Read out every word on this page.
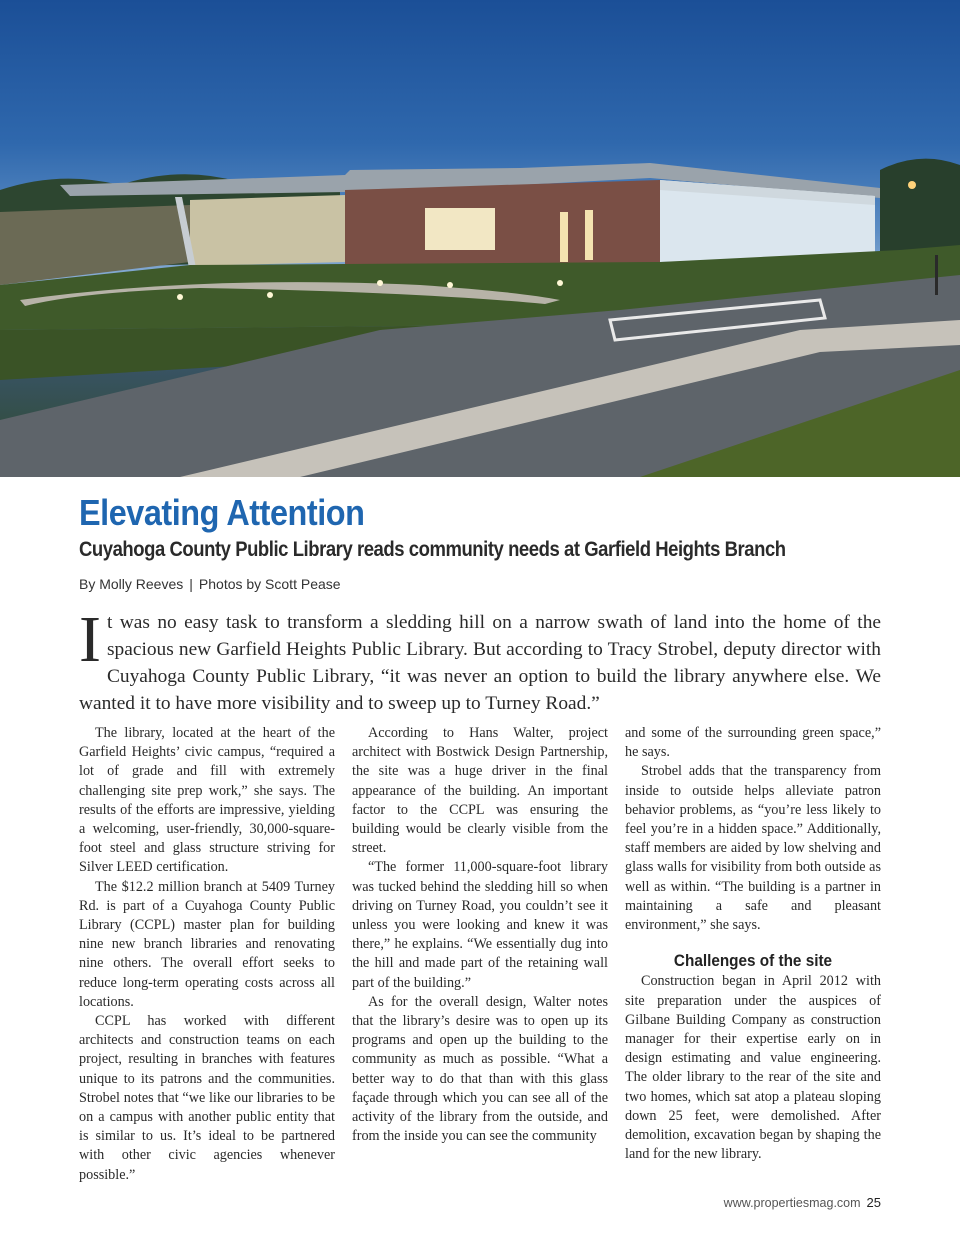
Elevating Attention
Cuyahoga County Public Library reads community needs at Garfield Heights Branch
By Molly Reeves | Photos by Scott Pease
It was no easy task to transform a sledding hill on a narrow swath of land into the home of the spacious new Garfield Heights Public Library. But according to Tracy Strobel, deputy director with Cuyahoga County Public Library, “it was never an option to build the library anywhere else. We wanted it to have more visibility and to sweep up to Turney Road.”

The library, located at the heart of the Garfield Heights’ civic campus, “required a lot of grade and fill with extremely challenging site prep work,” she says. The results of the efforts are impressive, yielding a welcoming, user-friendly, 30,000-square-foot steel and glass structure striving for Silver LEED certification.

The $12.2 million branch at 5409 Turney Rd. is part of a Cuyahoga County Public Library (CCPL) master plan for building nine new branch libraries and renovating nine others. The overall effort seeks to reduce long-term operating costs across all locations.

CCPL has worked with different architects and construction teams on each project, resulting in branches with features unique to its patrons and the communities. Strobel notes that “we like our libraries to be on a campus with another public entity that is similar to us. It’s ideal to be partnered with other civic agencies whenever possible.”

According to Hans Walter, project architect with Bostwick Design Partnership, the site was a huge driver in the final appearance of the building. An important factor to the CCPL was ensuring the building would be clearly visible from the street.

“The former 11,000-square-foot library was tucked behind the sledding hill so when driving on Turney Road, you couldn’t see it unless you were looking and knew it was there,” he explains. “We essentially dug into the hill and made part of the retaining wall part of the building.”

As for the overall design, Walter notes that the library’s desire was to open up its programs and open up the building to the community as much as possible. “What a better way to do that than with this glass façade through which you can see all of the activity of the library from the outside, and from the inside you can see the community

and some of the surrounding green space,” he says.

Strobel adds that the transparency from inside to outside helps alleviate patron behavior problems, as “you’re less likely to feel you’re in a hidden space.” Additionally, staff members are aided by low shelving and glass walls for visibility from both outside as well as within. “The building is a partner in maintaining a safe and pleasant environment,” she says.

Challenges of the site

Construction began in April 2012 with site preparation under the auspices of Gilbane Building Company as construction manager for their expertise early on in design estimating and value engineering. The older library to the rear of the site and two homes, which sat atop a plateau sloping down 25 feet, were demolished. After demolition, excavation began by shaping the land for the new library.

www.propertiesmag.com 25
